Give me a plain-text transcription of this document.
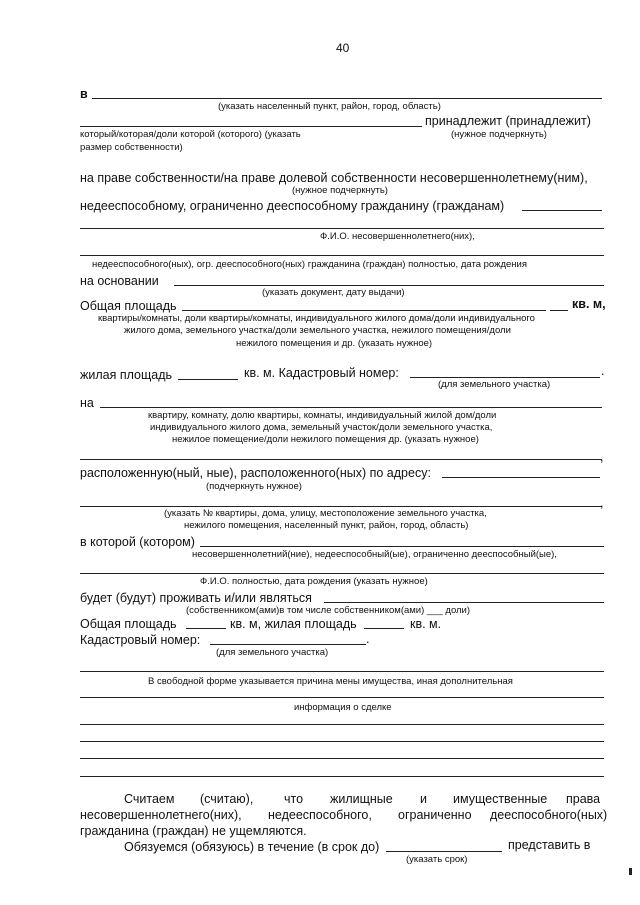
40
в
(указать населенный пункт, район, город, область)
принадлежит (принадлежит)
который/которая/доли которой (которого) (указать	(нужное подчеркнуть)
размер собственности)
на праве собственности/на праве долевой собственности несовершеннолетнему(ним),
(нужное подчеркнуть)
недееспособному, ограниченно дееспособному гражданину (гражданам)
Ф.И.О. несовершеннолетнего(них),
недееспособного(ных), огр. дееспособного(ных) гражданина (граждан) полностью, дата рождения
на основании
(указать документ, дату выдачи)
Общая площадь	кв. м,
квартиры/комнаты, доли квартиры/комнаты, индивидуального жилого дома/доли индивидуального
жилого дома, земельного участка/доли земельного участка, нежилого помещения/доли
нежилого помещения и др. (указать нужное)
жилая площадь	кв. м. Кадастровый номер:	.
(для земельного участка)
на
квартиру, комнату, долю квартиры, комнаты, индивидуальный жилой дом/доли
индивидуального жилого дома, земельный участок/доли земельного участка,
нежилое помещение/доли нежилого помещения др. (указать нужное)
,
расположенную(ный, ные), расположенного(ных) по адресу:
(подчеркнуть нужное)
,
(указать № квартиры, дома, улицу, местоположение земельного участка,
нежилого помещения, населенный пункт, район, город, область)
в которой (котором)
несовершеннолетний(ние), недееспособный(ые), ограниченно дееспособный(ые),
Ф.И.О. полностью, дата рождения (указать нужное)
будет (будут) проживать и/или являться
(собственником(ами)в том числе собственником(ами) ___ доли)
Общая площадь	кв. м, жилая площадь	кв. м.
Кадастровый номер:	.
(для земельного участка)
В свободной форме указывается причина мены имущества, иная дополнительная
информация о сделке
Считаем (считаю), что жилищные и имущественные права
несовершеннолетнего(них), недееспособного, ограниченно дееспособного(ных)
гражданина (граждан) не ущемляются.
Обязуемся (обязуюсь) в течение (в срок до)	представить в
(указать срок)
